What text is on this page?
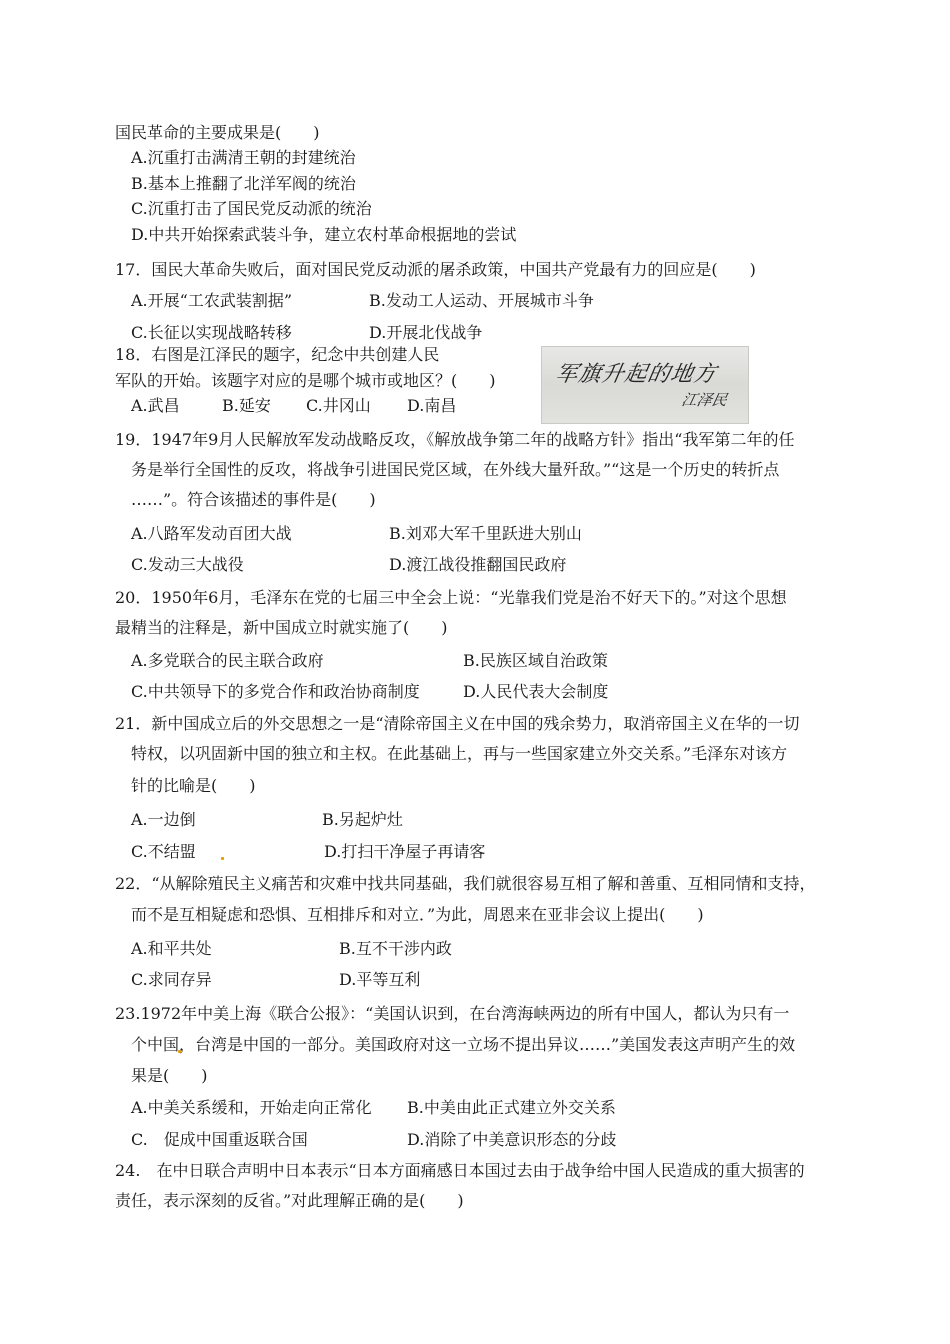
军旗升起的地方
江泽民
国民革命的主要成果是(　　)
A.沉重打击满清王朝的封建统治
B.基本上推翻了北洋军阀的统治
C.沉重打击了国民党反动派的统治
D.中共开始探索武装斗争，建立农村革命根据地的尝试
17．国民大革命失败后，面对国民党反动派的屠杀政策，中国共产党最有力的回应是(　　)
A.开展“工农武装割据”	B.发动工人运动、开展城市斗争
C.长征以实现战略转移	D.开展北伐战争
18．右图是江泽民的题字，纪念中共创建人民
军队的开始。该题字对应的是哪个城市或地区？(　　)
A.武昌	B.延安 C.井冈山 D.南昌
19．1947年9月人民解放军发动战略反攻，《解放战争第二年的战略方针》指出“我军第二年的任
务是举行全国性的反攻，将战争引进国民党区域，在外线大量歼敌。”“这是一个历史的转折点
……”。符合该描述的事件是(　　)
A.八路军发动百团大战	B.刘邓大军千里跃进大别山
C.发动三大战役	D.渡江战役推翻国民政府
20．1950年6月，毛泽东在党的七届三中全会上说：“光靠我们党是治不好天下的。”对这个思想
最精当的注释是，新中国成立时就实施了(　　)
A.多党联合的民主联合政府	B.民族区域自治政策
C.中共领导下的多党合作和政治协商制度	D.人民代表大会制度
21．新中国成立后的外交思想之一是“清除帝国主义在中国的残余势力，取消帝国主义在华的一切
特权，以巩固新中国的独立和主权。在此基础上，再与一些国家建立外交关系。”毛泽东对该方
针的比喻是(　　)
A.一边倒	B.另起炉灶
C.不结盟	D.打扫干净屋子再请客
22．“从解除殖民主义痛苦和灾难中找共同基础，我们就很容易互相了解和善重、互相同情和支持，
而不是互相疑虑和恐惧、互相排斥和对立．”为此，周恩来在亚非会议上提出(　　)
A.和平共处	B.互不干涉内政
C.求同存异	D.平等互利
23.1972年中美上海《联合公报》：“美国认识到，在台湾海峡两边的所有中国人，都认为只有一
个中国，台湾是中国的一部分。美国政府对这一立场不提出异议……”美国发表这声明产生的效
果是(　　)
A.中美关系缓和，开始走向正常化 B.中美由此正式建立外交关系
C.　促成中国重返联合国	D.消除了中美意识形态的分歧
24.　在中日联合声明中日本表示“日本方面痛感日本国过去由于战争给中国人民造成的重大损害的
责任，表示深刻的反省。”对此理解正确的是(　　)
